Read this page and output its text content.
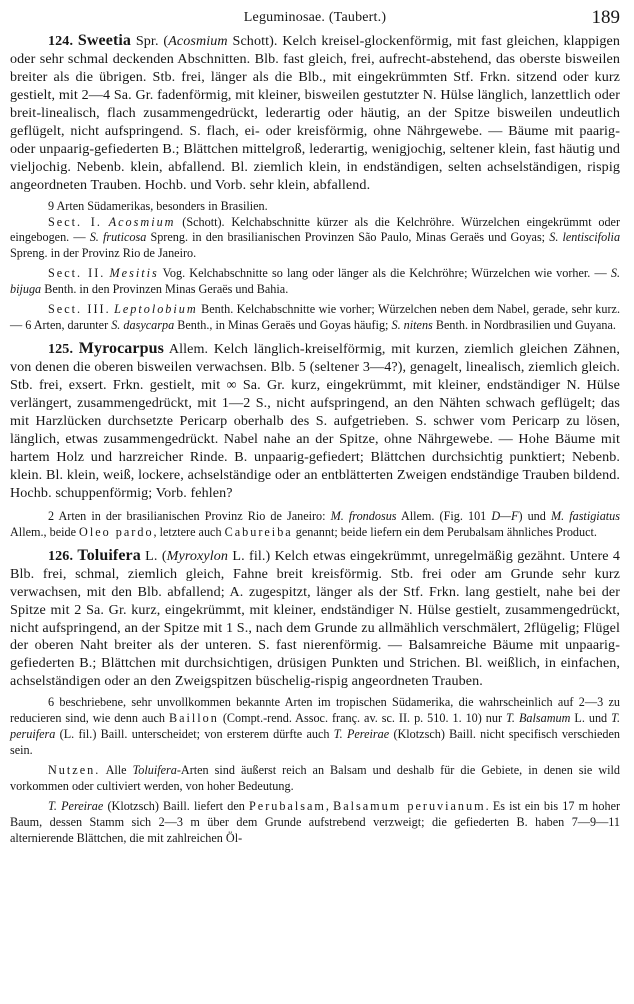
Leguminosae. (Taubert.)	189

124. Sweetia Spr. (Acosmium Schott). Kelch kreisel-glockenförmig, mit fast gleichen, klappigen oder sehr schmal deckenden Abschnitten. Blb. fast gleich, frei, aufrecht-abstehend, das oberste bisweilen breiter als die übrigen. Stb. frei, länger als die Blb., mit eingekrümmten Stf. Frkn. sitzend oder kurz gestielt, mit 2—4 Sa. Gr. fadenförmig, mit kleiner, bisweilen gestutzter N. Hülse länglich, lanzettlich oder breit-linealisch, flach zusammengedrückt, lederartig oder häutig, an der Spitze bisweilen undeutlich geflügelt, nicht aufspringend. S. flach, ei- oder kreisförmig, ohne Nährgewebe. — Bäume mit paarig- oder unpaarig-gefiederten B.; Blättchen mittelgroß, lederartig, wenigjochig, seltener klein, fast häutig und vieljochig. Nebenb. klein, abfallend. Bl. ziemlich klein, in endständigen, selten achselständigen, rispig angeordneten Trauben. Hochb. und Vorb. sehr klein, abfallend.

9 Arten Südamerikas, besonders in Brasilien.

Sect. I. Acosmium (Schott). Kelchabschnitte kürzer als die Kelchröhre. Würzelchen eingekrümmt oder eingebogen. — S. fruticosa Spreng. in den brasilianischen Provinzen São Paulo, Minas Geraës und Goyas; S. lentiscifolia Spreng. in der Provinz Rio de Janeiro.

Sect. II. Mesitis Vog. Kelchabschnitte so lang oder länger als die Kelchröhre; Würzelchen wie vorher. — S. bijuga Benth. in den Provinzen Minas Geraës und Bahia.

Sect. III. Leptolobium Benth. Kelchabschnitte wie vorher; Würzelchen neben dem Nabel, gerade, sehr kurz. — 6 Arten, darunter S. dasycarpa Benth., in Minas Geraës und Goyas häufig; S. nitens Benth. in Nordbrasilien und Guyana.

125. Myrocarpus Allem. Kelch länglich-kreiselförmig, mit kurzen, ziemlich gleichen Zähnen, von denen die oberen bisweilen verwachsen. Blb. 5 (seltener 3—4?), genagelt, linealisch, ziemlich gleich. Stb. frei, exsert. Frkn. gestielt, mit ∞ Sa. Gr. kurz, eingekrümmt, mit kleiner, endständiger N. Hülse verlängert, zusammengedrückt, mit 1—2 S., nicht aufspringend, an den Nähten schwach geflügelt; das mit Harzlücken durchsetzte Pericarp oberhalb des S. aufgetrieben. S. schwer vom Pericarp zu lösen, länglich, etwas zusammengedrückt. Nabel nahe an der Spitze, ohne Nährgewebe. — Hohe Bäume mit hartem Holz und harzreicher Rinde. B. unpaarig-gefiedert; Blättchen durchsichtig punktiert; Nebenb. klein. Bl. klein, weiß, lockere, achselständige oder an entblätterten Zweigen endständige Trauben bildend. Hochb. schuppenförmig; Vorb. fehlen?

2 Arten in der brasilianischen Provinz Rio de Janeiro: M. frondosus Allem. (Fig. 101 D—F) und M. fastigiatus Allem., beide Oleo pardo, letztere auch Cabureiba genannt; beide liefern ein dem Perubalsam ähnliches Product.

126. Toluifera L. (Myroxylon L. fil.) Kelch etwas eingekrümmt, unregelmäßig gezähnt. Untere 4 Blb. frei, schmal, ziemlich gleich, Fahne breit kreisförmig. Stb. frei oder am Grunde sehr kurz verwachsen, mit den Blb. abfallend; A. zugespitzt, länger als der Stf. Frkn. lang gestielt, nahe bei der Spitze mit 2 Sa. Gr. kurz, eingekrümmt, mit kleiner, endständiger N. Hülse gestielt, zusammengedrückt, nicht aufspringend, an der Spitze mit 1 S., nach dem Grunde zu allmählich verschmälert, 2flügelig; Flügel der oberen Naht breiter als der unteren. S. fast nierenförmig. — Balsamreiche Bäume mit unpaarig-gefiederten B.; Blättchen mit durchsichtigen, drüsigen Punkten und Strichen. Bl. weißlich, in einfachen, achselständigen oder an den Zweigspitzen büschelig-rispig angeordneten Trauben.

6 beschriebene, sehr unvollkommen bekannte Arten im tropischen Südamerika, die wahrscheinlich auf 2—3 zu reducieren sind, wie denn auch Baillon (Compt.-rend. Assoc. franç. av. sc. II. p. 510. 1. 10) nur T. Balsamum L. und T. peruifera (L. fil.) Baill. unterscheidet; von ersterem dürfte auch T. Pereirae (Klotzsch) Baill. nicht specifisch verschieden sein.

Nutzen. Alle Toluifera-Arten sind äußerst reich an Balsam und deshalb für die Gebiete, in denen sie wild vorkommen oder cultiviert werden, von hoher Bedeutung.

T. Pereirae (Klotzsch) Baill. liefert den Perubalsam, Balsamum peruvianum. Es ist ein bis 17 m hoher Baum, dessen Stamm sich 2—3 m über dem Grunde aufstrebend verzweigt; die gefiederten B. haben 7—9—11 alternierende Blättchen, die mit zahlreichen Öl-
